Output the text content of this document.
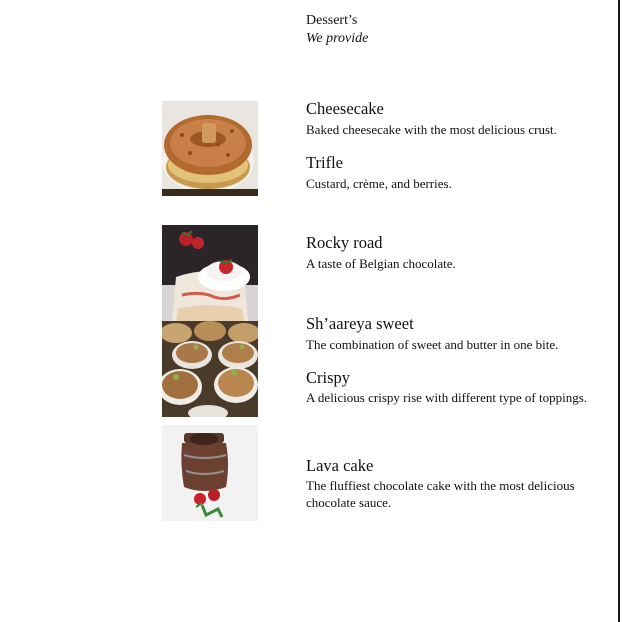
Dessert’s
We provide
Cheesecake
Baked cheesecake with the most delicious crust.
Trifle
Custard, crème, and berries.
Rocky road
A taste of Belgian chocolate.
Sh’aareya sweet
The combination of sweet and butter in one bite.
Crispy
A delicious crispy rise with different type of toppings.
Lava cake
The fluffiest chocolate cake with the most delicious chocolate sauce.
